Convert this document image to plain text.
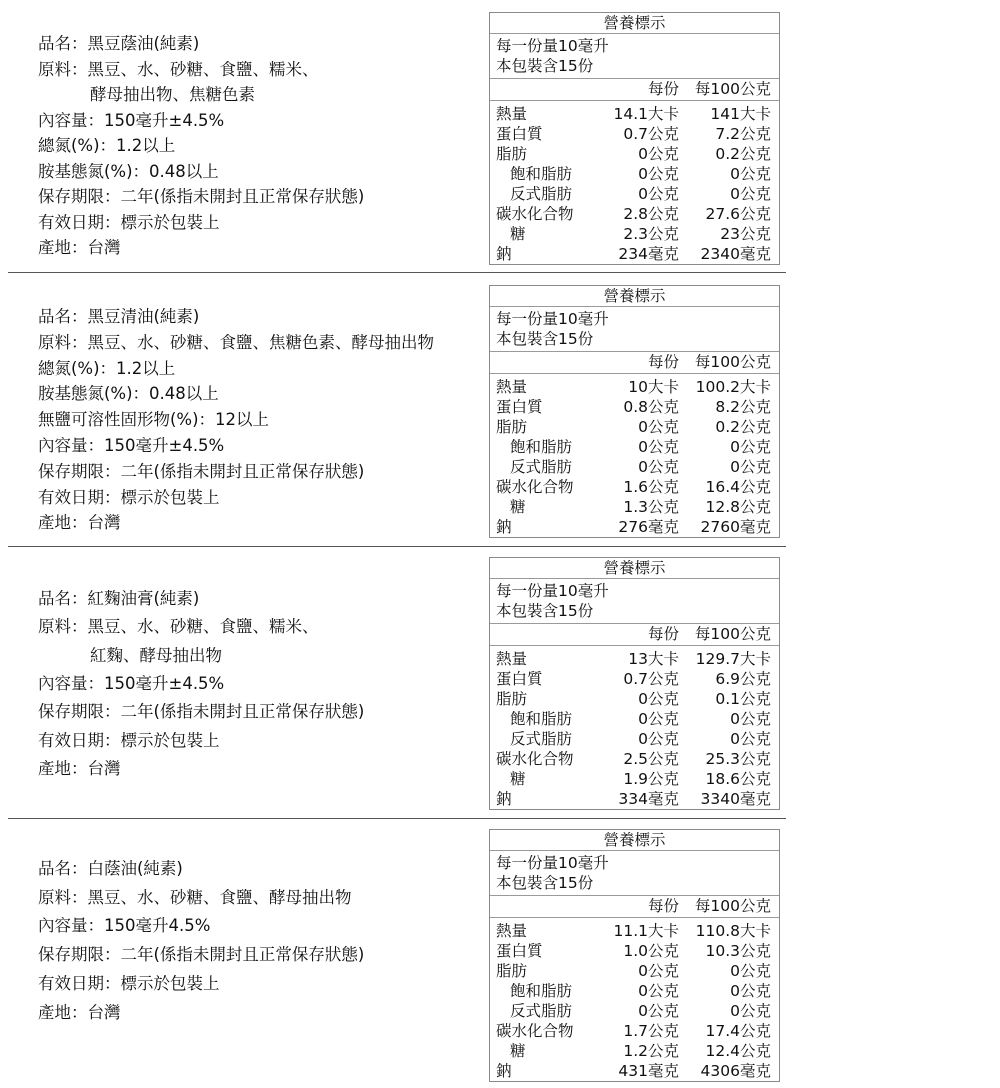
品名：黑豆蔭油(純素)
原料：黑豆、水、砂糖、食鹽、糯米、
酵母抽出物、焦糖色素
內容量：150毫升±4.5%
總氮(%)：1.2以上
胺基態氮(%)：0.48以上
保存期限：二年(係指未開封且正常保存狀態)
有效日期：標示於包裝上
產地：台灣
營養標示
每一份量10毫升
本包裝含15份
每份 每100公克
熱量	14.1大卡 141大卡
蛋白質	0.7公克 7.2公克
脂肪	0公克 0.2公克
飽和脂肪	0公克	0公克
反式脂肪	0公克	0公克
碳水化合物	2.8公克 27.6公克
糖	2.3公克	23公克
鈉	234毫克 2340毫克
品名：黑豆清油(純素)
原料：黑豆、水、砂糖、食鹽、焦糖色素、酵母抽出物
總氮(%)：1.2以上
胺基態氮(%)：0.48以上
無鹽可溶性固形物(%)：12以上
內容量：150毫升±4.5%
保存期限：二年(係指未開封且正常保存狀態)
有效日期：標示於包裝上
產地：台灣
營養標示
每一份量10毫升
本包裝含15份
每份 每100公克
熱量	10大卡 100.2大卡
蛋白質	0.8公克 8.2公克
脂肪	0公克 0.2公克
飽和脂肪	0公克	0公克
反式脂肪	0公克	0公克
碳水化合物	1.6公克 16.4公克
糖	1.3公克 12.8公克
鈉	276毫克 2760毫克
品名：紅麴油膏(純素)
原料：黑豆、水、砂糖、食鹽、糯米、
紅麴、酵母抽出物
內容量：150毫升±4.5%
保存期限：二年(係指未開封且正常保存狀態)
有效日期：標示於包裝上
產地：台灣
營養標示
每一份量10毫升
本包裝含15份
每份 每100公克
熱量	13大卡 129.7大卡
蛋白質	0.7公克 6.9公克
脂肪	0公克 0.1公克
飽和脂肪	0公克	0公克
反式脂肪	0公克	0公克
碳水化合物	2.5公克 25.3公克
糖	1.9公克 18.6公克
鈉	334毫克 3340毫克
品名：白蔭油(純素)
原料：黑豆、水、砂糖、食鹽、酵母抽出物
內容量：150毫升4.5%
保存期限：二年(係指未開封且正常保存狀態)
有效日期：標示於包裝上
產地：台灣
營養標示
每一份量10毫升
本包裝含15份
每份 每100公克
熱量	11.1大卡 110.8大卡
蛋白質	1.0公克 10.3公克
脂肪	0公克	0公克
飽和脂肪	0公克	0公克
反式脂肪	0公克	0公克
碳水化合物	1.7公克 17.4公克
糖	1.2公克 12.4公克
鈉	431毫克 4306毫克
